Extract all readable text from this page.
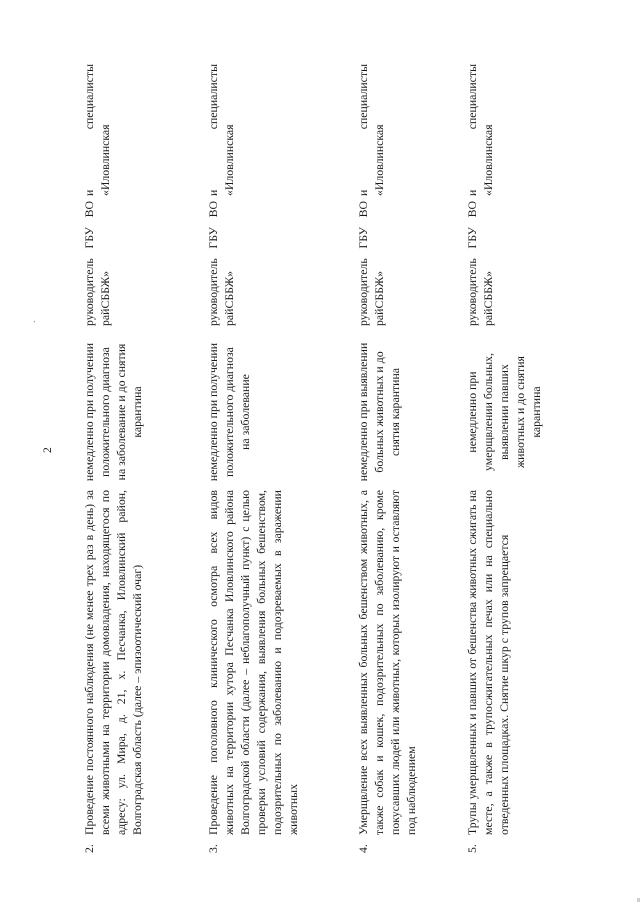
2
.
2.
Проведение постоянного наблюдения (не менее трех раз в день) за всеми животными на территории домовладения, находящегося по адресу: ул. Мира, д. 21, х. Песчанка, Иловлинский район, Волгоградская область (далее – эпизоотический очаг)
немедленно при получении положительного диагноза на заболевание и до снятия карантина
руководитель ГБУ ВО райСББЖ»
и специалисты «Иловлинская
3.
Проведение поголовного клинического осмотра всех видов животных на территории хутора Песчанка Иловлинского района Волгоградской области (далее – неблагополучный пункт) с целью проверки условий содержания, выявления больных бешенством, подозрительных по заболеванию и подозреваемых в заражении животных
немедленно при получении положительного диагноза на заболевание
руководитель ГБУ ВО райСББЖ»
и специалисты «Иловлинская
4.
Умерщвление всех выявленных больных бешенством животных, а также собак и кошек, подозрительных по заболеванию, кроме покусавших людей или животных, которых изолируют и оставляют под наблюдением
немедленно при выявлении больных животных и до снятия карантина
руководитель ГБУ ВО райСББЖ»
и специалисты «Иловлинская
5.
Трупы умерщвленных и павших от бешенства животных сжигать на месте, а также в трупосжигательных печах или на специально отведенных площадках. Снятие шкур с трупов запрещается
немедленно при умерщвлении больных, выявлении павших животных и до снятия карантина
руководитель ГБУ ВО райСББЖ»
и специалисты «Иловлинская
